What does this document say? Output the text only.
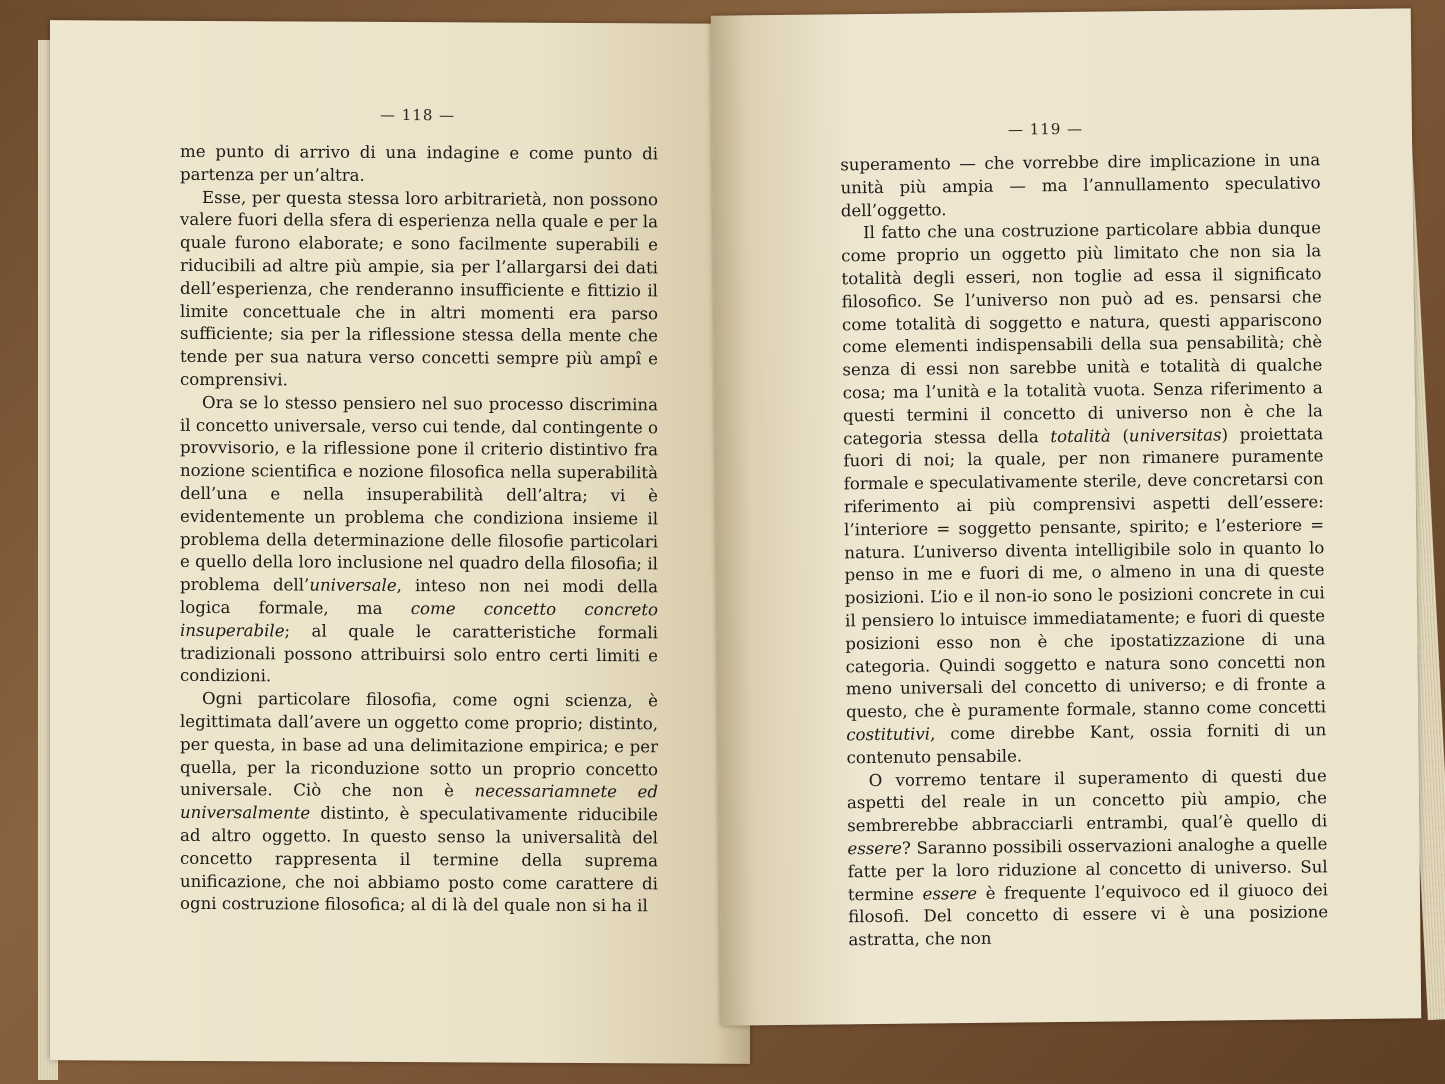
— 118 —

me punto di arrivo di una indagine e come punto di partenza per un’altra.

Esse, per questa stessa loro arbitrarietà, non possono valere fuori della sfera di esperienza nella quale e per la quale furono elaborate; e sono facilmente superabili e riducibili ad altre più ampie, sia per l’allargarsi dei dati dell’esperienza, che renderanno insufficiente e fittizio il limite concettuale che in altri momenti era parso sufficiente; sia per la riflessione stessa della mente che tende per sua natura verso concetti sempre più ampî e comprensivi.

Ora se lo stesso pensiero nel suo processo discrimina il concetto universale, verso cui tende, dal contingente o provvisorio, e la riflessione pone il criterio distintivo fra nozione scientifica e nozione filosofica nella superabilità dell’una e nella insuperabilità dell’altra; vi è evidentemente un problema che condiziona insieme il problema della determinazione delle filosofie particolari e quello della loro inclusione nel quadro della filosofia; il problema dell’universale, inteso non nei modi della logica formale, ma come concetto concreto insuperabile; al quale le caratteristiche formali tradizionali possono attribuirsi solo entro certi limiti e condizioni.

Ogni particolare filosofia, come ogni scienza, è legittimata dall’avere un oggetto come proprio; distinto, per questa, in base ad una delimitazione empirica; e per quella, per la riconduzione sotto un proprio concetto universale. Ciò che non è necessariamnete ed universalmente distinto, è speculativamente riducibile ad altro oggetto. In questo senso la universalità del concetto rappresenta il termine della suprema unificazione, che noi abbiamo posto come carattere di ogni costruzione filosofica; al di là del quale non si ha il

— 119 —

superamento — che vorrebbe dire implicazione in una unità più ampia — ma l’annullamento speculativo dell’oggetto.

Il fatto che una costruzione particolare abbia dunque come proprio un oggetto più limitato che non sia la totalità degli esseri, non toglie ad essa il significato filosofico. Se l’universo non può ad es. pensarsi che come totalità di soggetto e natura, questi appariscono come elementi indispensabili della sua pensabilità; chè senza di essi non sarebbe unità e totalità di qualche cosa; ma l’unità e la totalità vuota. Senza riferimento a questi termini il concetto di universo non è che la categoria stessa della totalità (universitas) proiettata fuori di noi; la quale, per non rimanere puramente formale e speculativamente sterile, deve concretarsi con riferimento ai più comprensivi aspetti dell’essere: l’interiore = soggetto pensante, spirito; e l’esteriore = natura. L’universo diventa intelligibile solo in quanto lo penso in me e fuori di me, o almeno in una di queste posizioni. L’io e il non-io sono le posizioni concrete in cui il pensiero lo intuisce immediatamente; e fuori di queste posizioni esso non è che ipostatizzazione di una categoria. Quindi soggetto e natura sono concetti non meno universali del concetto di universo; e di fronte a questo, che è puramente formale, stanno come concetti costitutivi, come direbbe Kant, ossia forniti di un contenuto pensabile.

O vorremo tentare il superamento di questi due aspetti del reale in un concetto più ampio, che sembrerebbe abbracciarli entrambi, qual’è quello di essere? Saranno possibili osservazioni analoghe a quelle fatte per la loro riduzione al concetto di universo. Sul termine essere è frequente l’equivoco ed il giuoco dei filosofi. Del concetto di essere vi è una posizione astratta, che non
